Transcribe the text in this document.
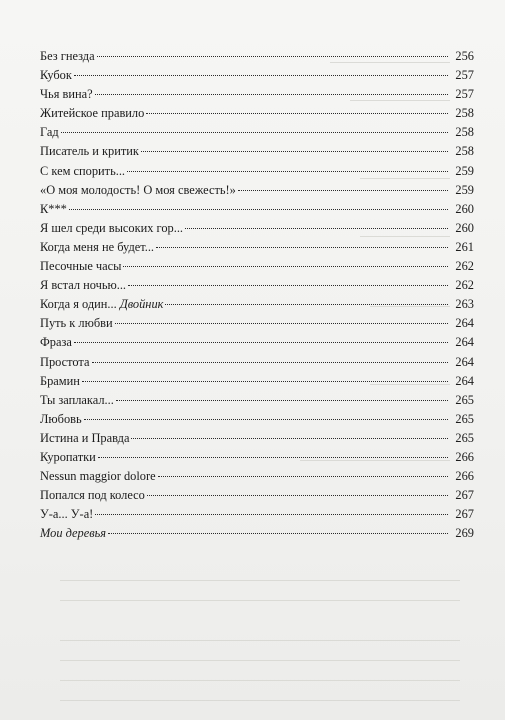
Без гнезда	256
Кубок	257
Чья вина?	257
Житейское правило	258
Гад	258
Писатель и критик	258
С кем спорить...	259
«О моя молодость! О моя свежесть!»	259
К***	260
Я шел среди высоких гор...	260
Когда меня не будет...	261
Песочные часы	262
Я встал ночью...	262
Когда я один... Двойник	263
Путь к любви	264
Фраза	264
Простота	264
Брамин	264
Ты заплакал...	265
Любовь	265
Истина и Правда	265
Куропатки	266
Nessun maggior dolore	266
Попался под колесо	267
У-а... У-а!	267
Мои деревья	269
